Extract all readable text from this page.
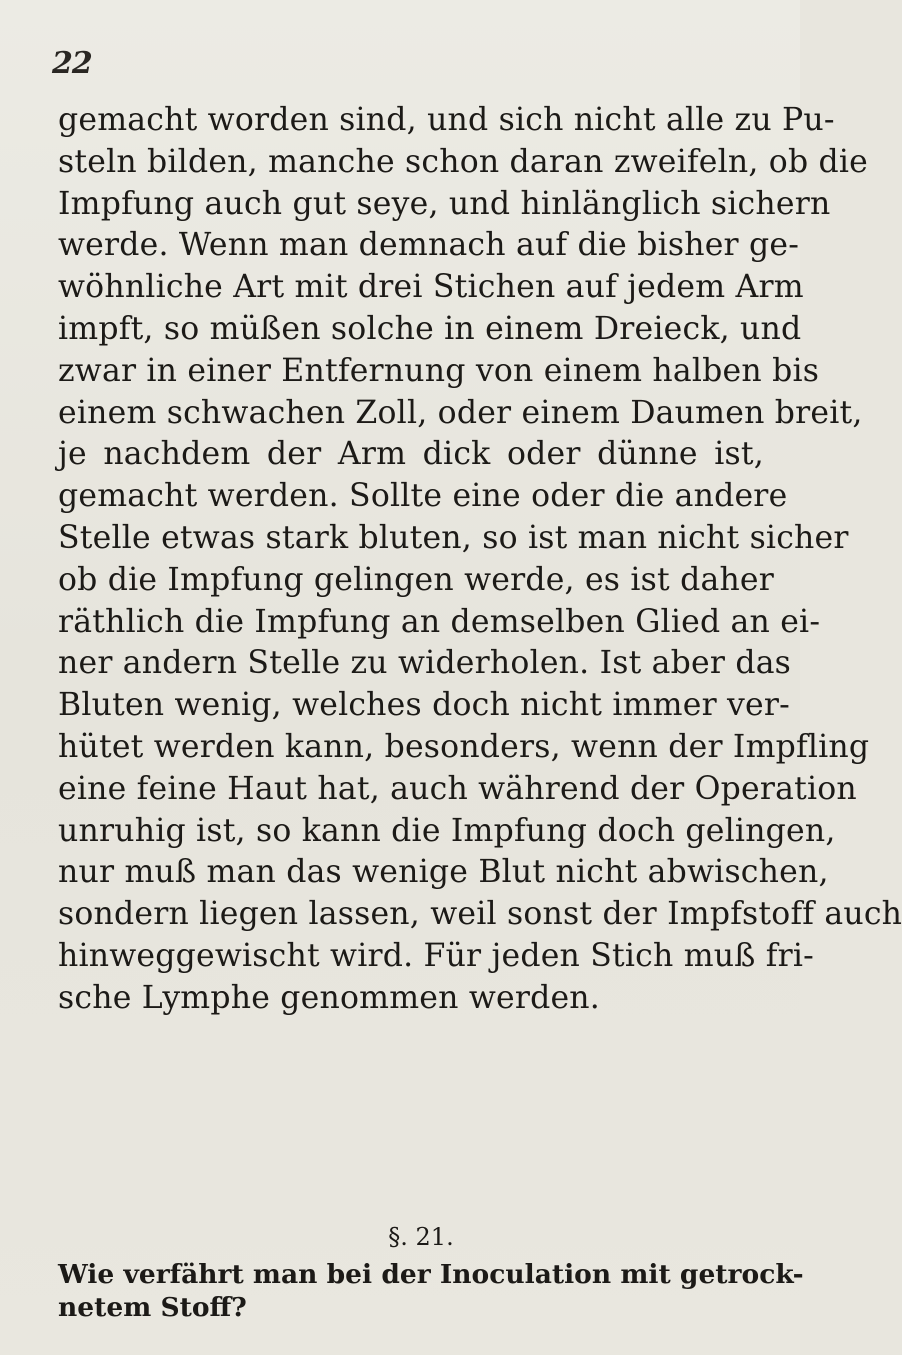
22
gemacht worden sind, und sich nicht alle zu Pu-
steln bilden, manche schon daran zweifeln, ob die
Impfung auch gut seye, und hinlänglich sichern
werde. Wenn man demnach auf die bisher ge-
wöhnliche Art mit drei Stichen auf jedem Arm
impft, so müßen solche in einem Dreieck, und
zwar in einer Entfernung von einem halben bis
einem schwachen Zoll, oder einem Daumen breit,
je nachdem der Arm dick oder dünne ist,
gemacht werden. Sollte eine oder die andere
Stelle etwas stark bluten, so ist man nicht sicher
ob die Impfung gelingen werde, es ist daher
räthlich die Impfung an demselben Glied an ei-
ner andern Stelle zu widerholen. Ist aber das
Bluten wenig, welches doch nicht immer ver-
hütet werden kann, besonders, wenn der Impfling
eine feine Haut hat, auch während der Operation
unruhig ist, so kann die Impfung doch gelingen,
nur muß man das wenige Blut nicht abwischen,
sondern liegen lassen, weil sonst der Impfstoff auch
hinweggewischt wird. Für jeden Stich muß fri-
sche Lymphe genommen werden.
§. 21.
Wie verfährt man bei der Inoculation mit getrock-
netem Stoff?
